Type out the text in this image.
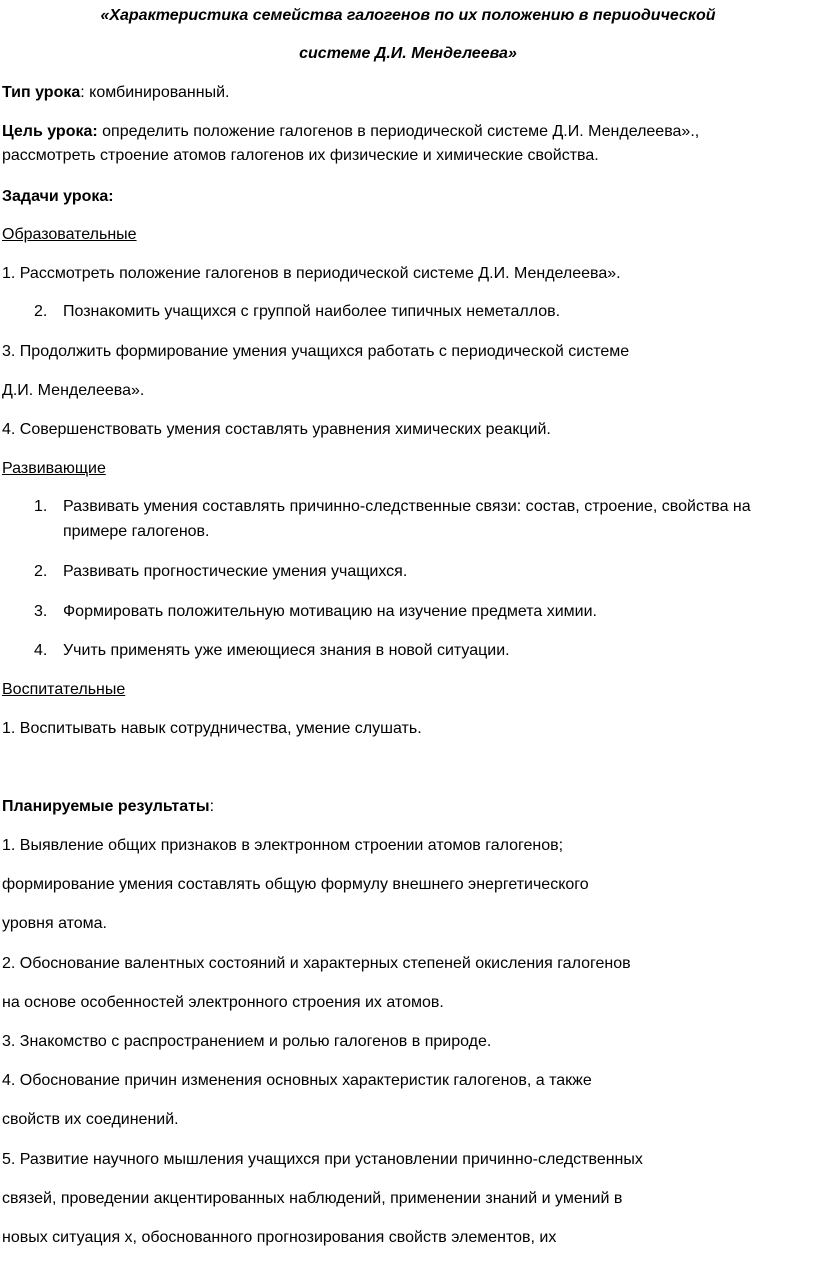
«Характеристика семейства галогенов по их положению в периодической
системе Д.И. Менделеева»
Тип урока: комбинированный.
Цель урока: определить положение галогенов в периодической системе Д.И. Менделеева».,
рассмотреть строение атомов галогенов их физические и химические свойства.
Задачи урока:
Образовательные
1. Рассмотреть положение галогенов в периодической системе Д.И. Менделеева».
2. Познакомить учащихся с группой наиболее типичных неметаллов.
3. Продолжить формирование умения учащихся работать с периодической системе
Д.И. Менделеева».
4. Совершенствовать умения составлять уравнения химических реакций.
Развивающие
1. Развивать умения составлять причинно-следственные связи: состав, строение, свойства на
примере галогенов.
2. Развивать прогностические умения учащихся.
3. Формировать положительную мотивацию на изучение предмета химии.
4. Учить применять уже имеющиеся знания в новой ситуации.
Воспитательные
1. Воспитывать навык сотрудничества, умение слушать.
Планируемые результаты:
1. Выявление общих признаков в электронном строении атомов галогенов;
формирование умения составлять общую формулу внешнего энергетического
уровня атома.
2. Обоснование валентных состояний и характерных степеней окисления галогенов
на основе особенностей электронного строения их атомов.
3. Знакомство с распространением и ролью галогенов в природе.
4. Обоснование причин изменения основных характеристик галогенов, а также
свойств их соединений.
5. Развитие научного мышления учащихся при установлении причинно-следственных
связей, проведении акцентированных наблюдений, применении знаний и умений в
новых ситуация х, обоснованного прогнозирования свойств элементов, их
